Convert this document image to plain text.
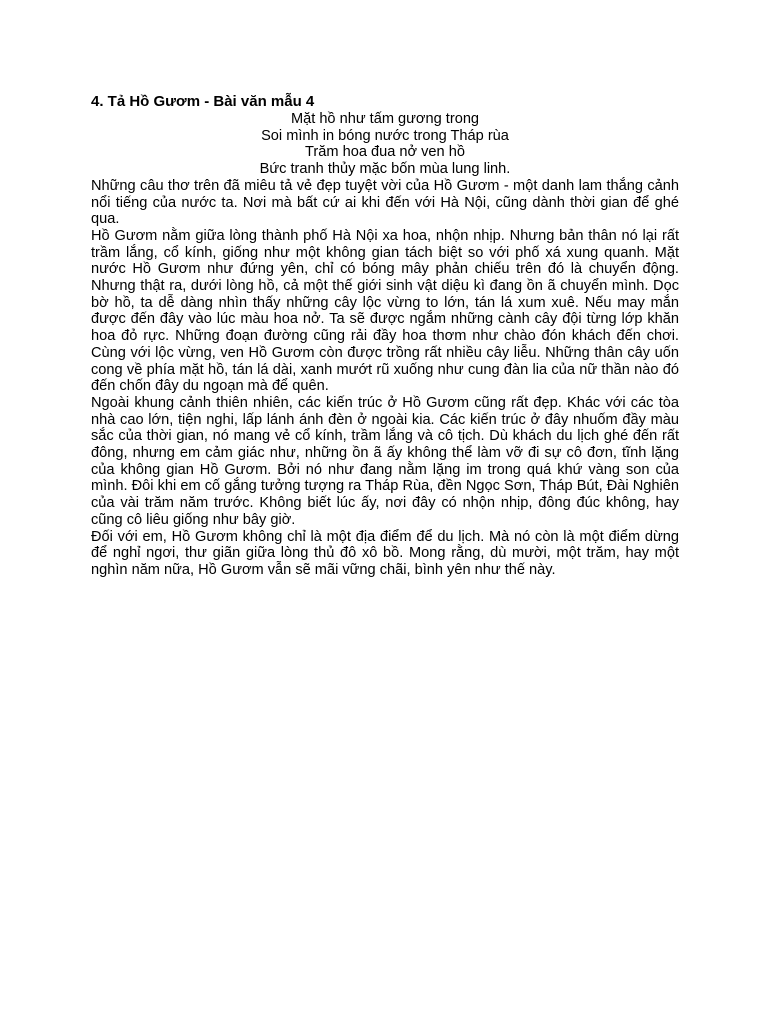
4. Tả Hồ Gươm - Bài văn mẫu 4
Mặt hồ như tấm gương trong
Soi mình in bóng nước trong Tháp rùa
Trăm hoa đua nở ven hồ
Bức tranh thủy mặc bốn mùa lung linh.

Những câu thơ trên đã miêu tả vẻ đẹp tuyệt vời của Hồ Gươm - một danh lam thắng cảnh nổi tiếng của nước ta. Nơi mà bất cứ ai khi đến với Hà Nội, cũng dành thời gian để ghé qua.

Hồ Gươm nằm giữa lòng thành phố Hà Nội xa hoa, nhộn nhịp. Nhưng bản thân nó lại rất trầm lắng, cổ kính, giống như một không gian tách biệt so với phố xá xung quanh. Mặt nước Hồ Gươm như đứng yên, chỉ có bóng mây phản chiếu trên đó là chuyển động. Nhưng thật ra, dưới lòng hồ, cả một thế giới sinh vật diệu kì đang ồn ã chuyển mình. Dọc bờ hồ, ta dễ dàng nhìn thấy những cây lộc vừng to lớn, tán lá xum xuê. Nếu may mắn được đến đây vào lúc màu hoa nở. Ta sẽ được ngắm những cành cây đội từng lớp khăn hoa đỏ rực. Những đoạn đường cũng rải đầy hoa thơm như chào đón khách đến chơi. Cùng với lộc vừng, ven Hồ Gươm còn được trồng rất nhiều cây liễu. Những thân cây uốn cong về phía mặt hồ, tán lá dài, xanh mướt rũ xuống như cung đàn lia của nữ thần nào đó đến chốn đây du ngoạn mà để quên.

Ngoài khung cảnh thiên nhiên, các kiến trúc ở Hồ Gươm cũng rất đẹp. Khác với các tòa nhà cao lớn, tiện nghi, lấp lánh ánh đèn ở ngoài kia. Các kiến trúc ở đây nhuốm đầy màu sắc của thời gian, nó mang vẻ cổ kính, trầm lắng và cô tịch. Dù khách du lịch ghé đến rất đông, nhưng em cảm giác như, những ồn ã ấy không thể làm vỡ đi sự cô đơn, tĩnh lặng của không gian Hồ Gươm. Bởi nó như đang nằm lặng im trong quá khứ vàng son của mình. Đôi khi em cố gắng tưởng tượng ra Tháp Rùa, đền Ngọc Sơn, Tháp Bút, Đài Nghiên của vài trăm năm trước. Không biết lúc ấy, nơi đây có nhộn nhịp, đông đúc không, hay cũng cô liêu giống như bây giờ.

Đối với em, Hồ Gươm không chỉ là một địa điểm để du lịch. Mà nó còn là một điểm dừng để nghỉ ngơi, thư giãn giữa lòng thủ đô xô bồ. Mong rằng, dù mười, một trăm, hay một nghìn năm nữa, Hồ Gươm vẫn sẽ mãi vững chãi, bình yên như thế này.
